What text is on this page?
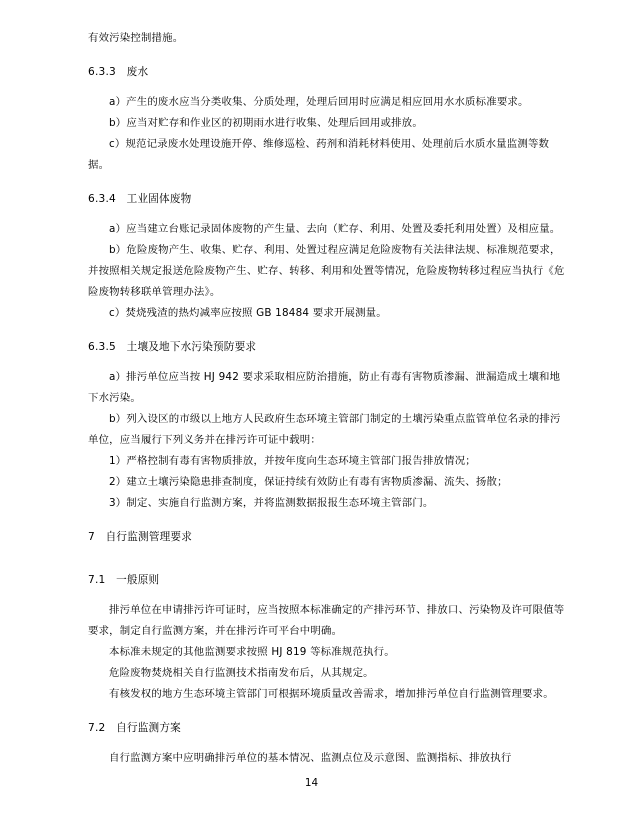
有效污染控制措施。

6.3.3   废水

a）产生的废水应当分类收集、分质处理，处理后回用时应满足相应回用水水质标准要求。

b）应当对贮存和作业区的初期雨水进行收集、处理后回用或排放。

c）规范记录废水处理设施开停、维修巡检、药剂和消耗材料使用、处理前后水质水量监测等数据。

6.3.4   工业固体废物

a）应当建立台账记录固体废物的产生量、去向（贮存、利用、处置及委托利用处置）及相应量。

b）危险废物产生、收集、贮存、利用、处置过程应满足危险废物有关法律法规、标准规范要求，并按照相关规定报送危险废物产生、贮存、转移、利用和处置等情况，危险废物转移过程应当执行《危险废物转移联单管理办法》。

c）焚烧残渣的热灼减率应按照 GB 18484 要求开展测量。

6.3.5   土壤及地下水污染预防要求

a）排污单位应当按 HJ 942 要求采取相应防治措施，防止有毒有害物质渗漏、泄漏造成土壤和地下水污染。

b）列入设区的市级以上地方人民政府生态环境主管部门制定的土壤污染重点监管单位名录的排污单位，应当履行下列义务并在排污许可证中载明：

1）严格控制有毒有害物质排放，并按年度向生态环境主管部门报告排放情况；

2）建立土壤污染隐患排查制度，保证持续有效防止有毒有害物质渗漏、流失、扬散；

3）制定、实施自行监测方案，并将监测数据报报生态环境主管部门。

7   自行监测管理要求

7.1   一般原则

排污单位在申请排污许可证时，应当按照本标准确定的产排污环节、排放口、污染物及许可限值等要求，制定自行监测方案，并在排污许可平台中明确。

本标准未规定的其他监测要求按照 HJ 819 等标准规范执行。

危险废物焚烧相关自行监测技术指南发布后，从其规定。

有核发权的地方生态环境主管部门可根据环境质量改善需求，增加排污单位自行监测管理要求。

7.2   自行监测方案

自行监测方案中应明确排污单位的基本情况、监测点位及示意图、监测指标、排放执行

14
